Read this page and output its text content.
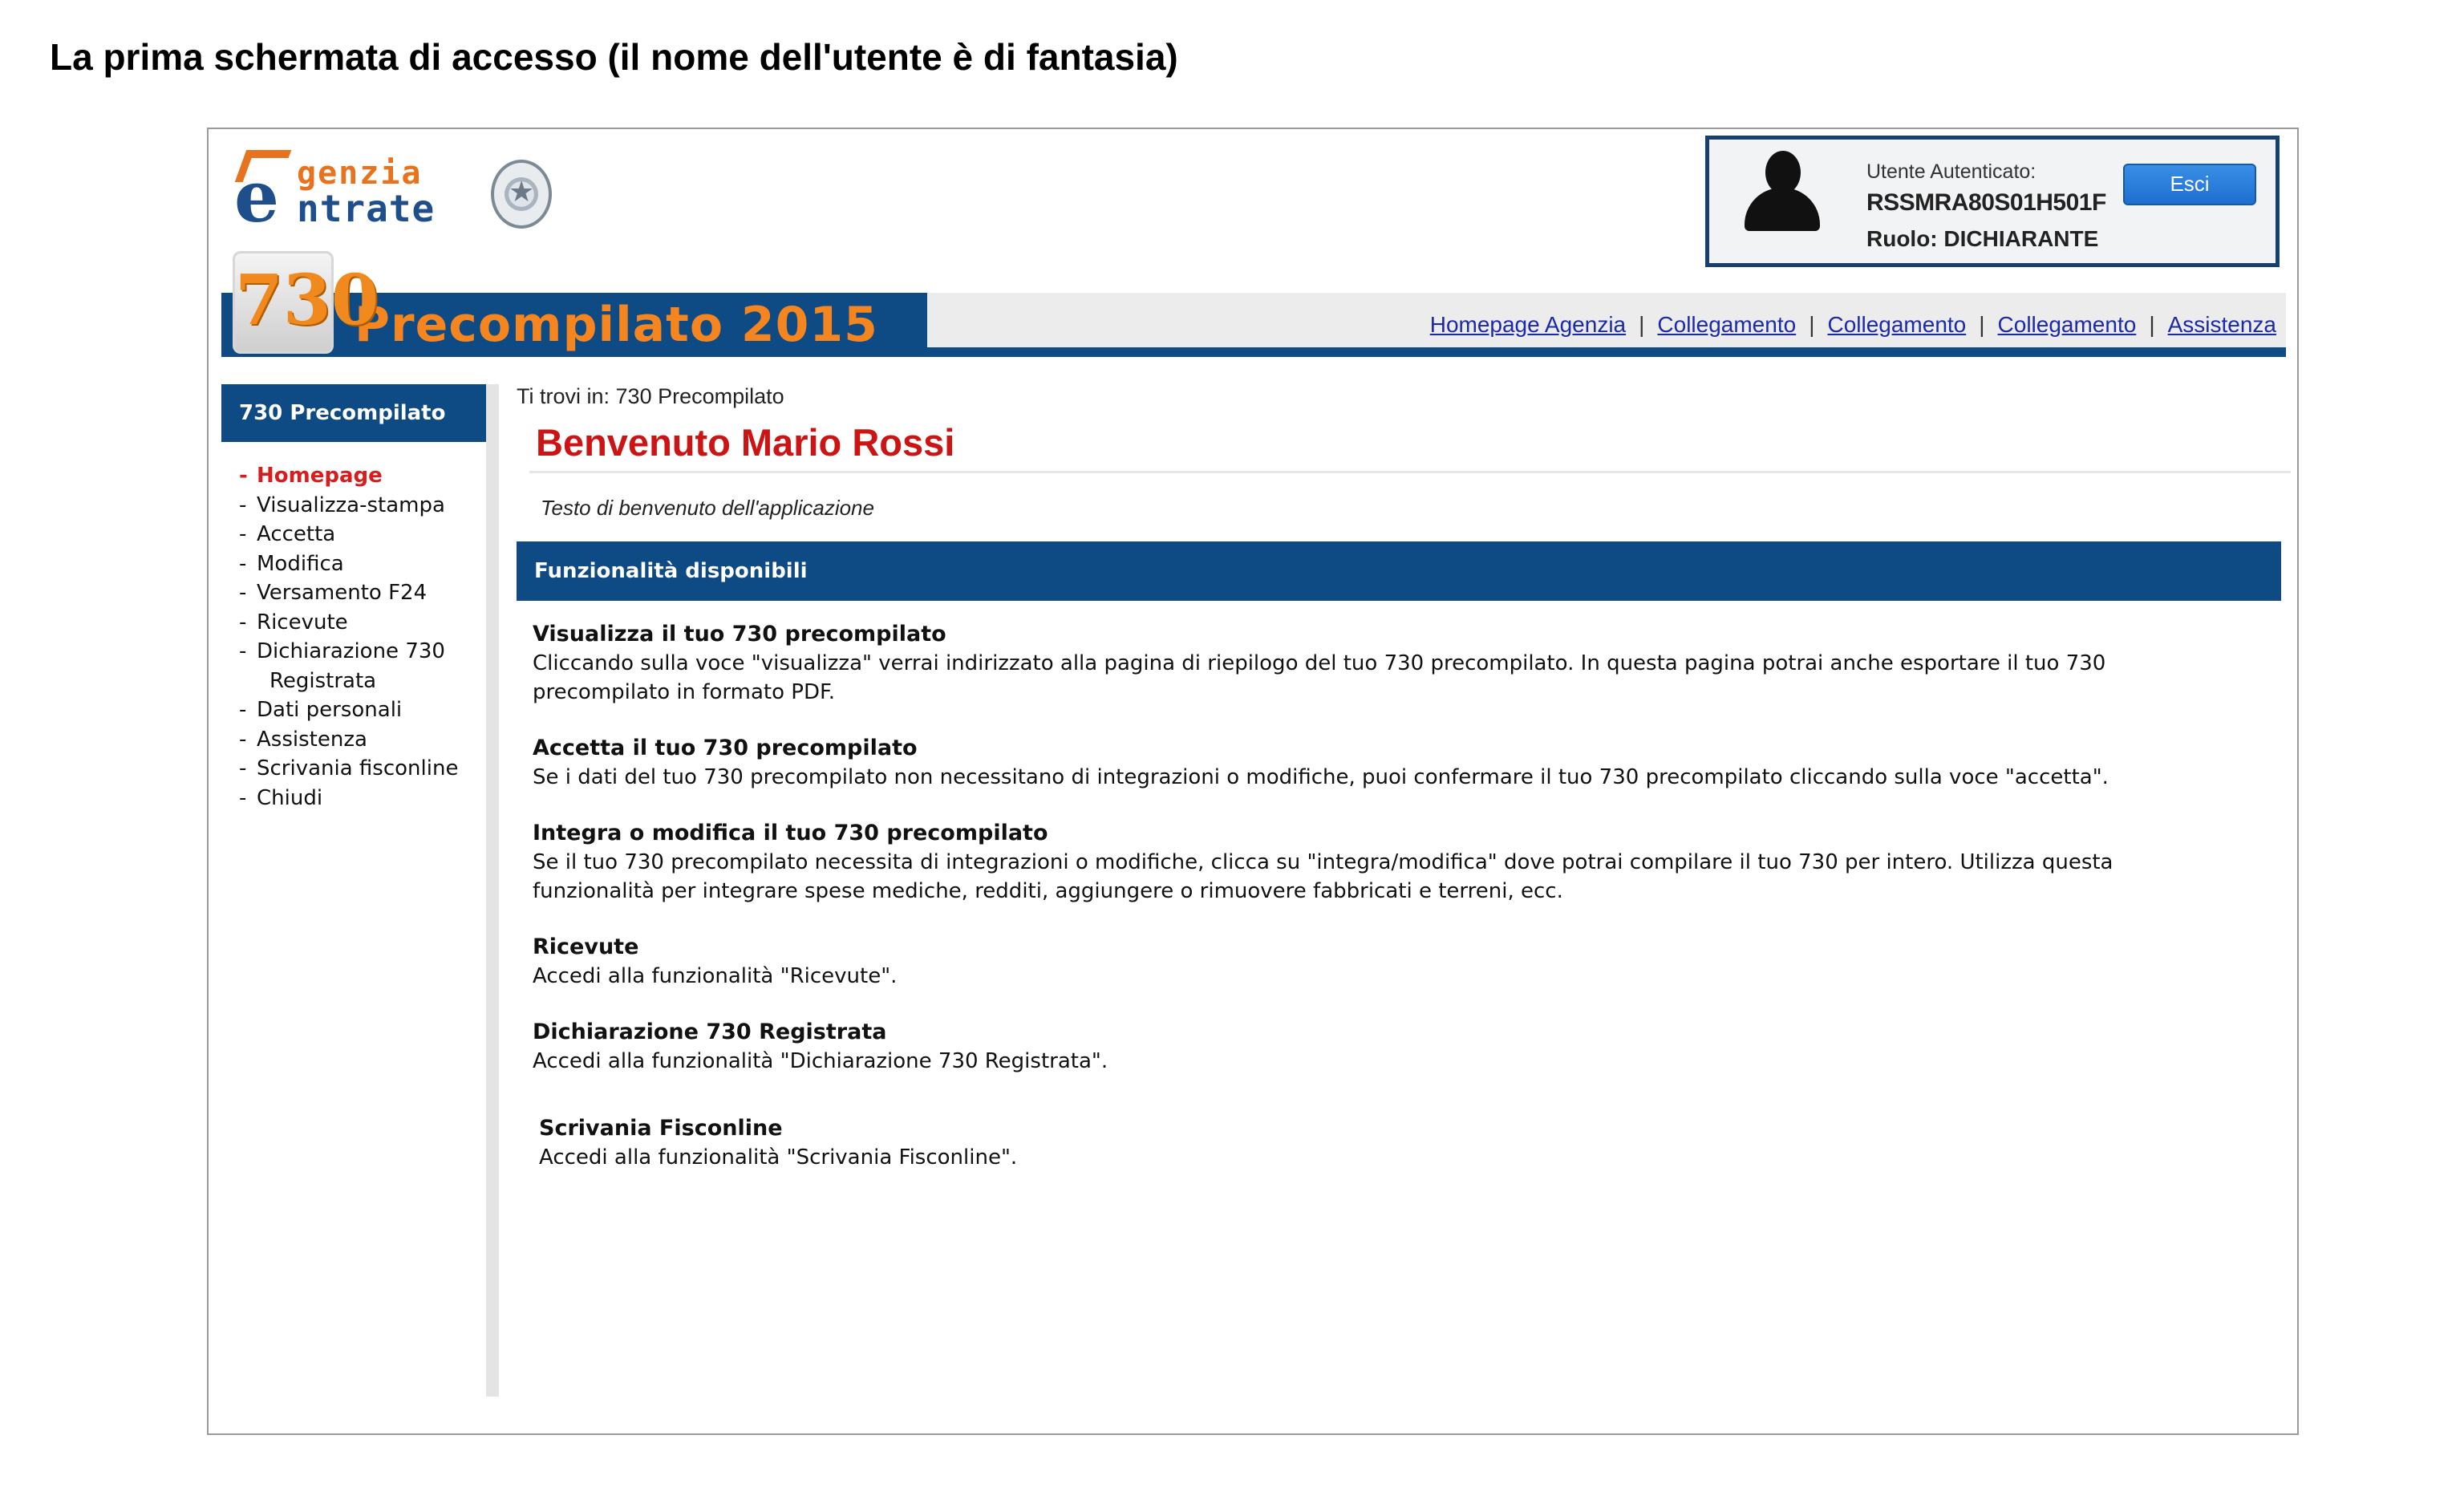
La prima schermata di accesso (il nome dell'utente è di fantasia)
e genzia
ntrate
★
Utente Autenticato:
RSSMRA80S01H501F
Ruolo: DICHIARANTE
Esci
Precompilato 2015	Homepage Agenzia | Collegamento | Collegamento | Collegamento | Assistenza
730
730 Precompilato
- Homepage
- Visualizza-stampa
- Accetta
- Modifica
- Versamento F24
- Ricevute
- Dichiarazione 730
Registrata
- Dati personali
- Assistenza
- Scrivania fisconline
- Chiudi
Ti trovi in: 730 Precompilato
Benvenuto Mario Rossi
Testo di benvenuto dell'applicazione
Funzionalità disponibili
Visualizza il tuo 730 precompilato

Cliccando sulla voce "visualizza" verrai indirizzato alla pagina di riepilogo del tuo 730 precompilato. In questa pagina potrai anche esportare il tuo 730 precompilato in formato PDF.

Accetta il tuo 730 precompilato

Se i dati del tuo 730 precompilato non necessitano di integrazioni o modifiche, puoi confermare il tuo 730 precompilato cliccando sulla voce "accetta".

Integra o modifica il tuo 730 precompilato

Se il tuo 730 precompilato necessita di integrazioni o modifiche, clicca su "integra/modifica" dove potrai compilare il tuo 730 per intero. Utilizza questa funzionalità per integrare spese mediche, redditi, aggiungere o rimuovere fabbricati e terreni, ecc.

Ricevute

Accedi alla funzionalità "Ricevute".

Dichiarazione 730 Registrata

Accedi alla funzionalità "Dichiarazione 730 Registrata".

Scrivania Fisconline

Accedi alla funzionalità "Scrivania Fisconline".
